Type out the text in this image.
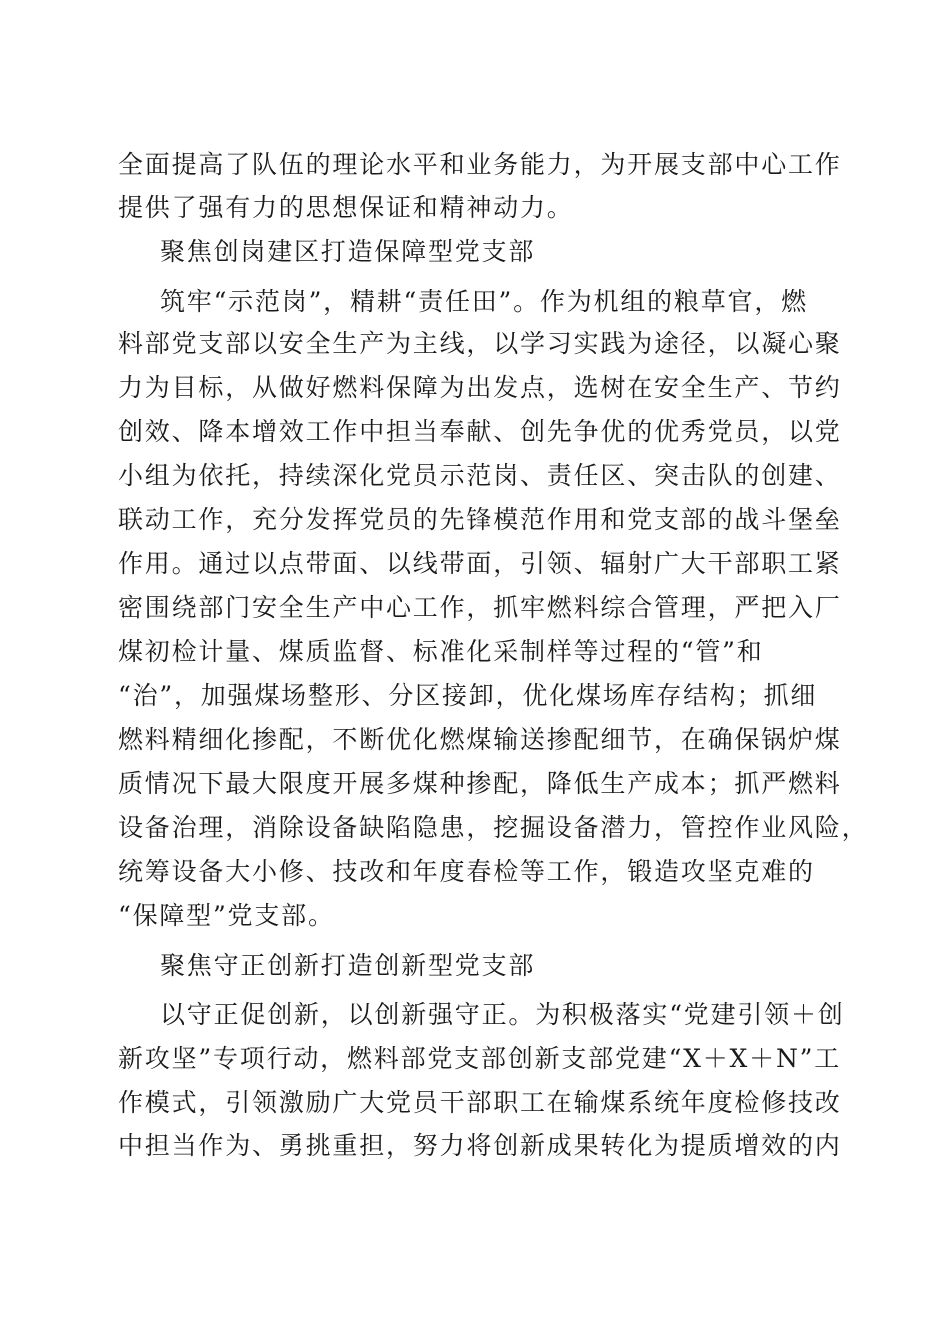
全面提高了队伍的理论水平和业务能力，为开展支部中心工作
提供了强有力的思想保证和精神动力。
聚焦创岗建区打造保障型党支部
筑牢“示范岗”，精耕“责任田”。作为机组的粮草官，燃
料部党支部以安全生产为主线，以学习实践为途径，以凝心聚
力为目标，从做好燃料保障为出发点，选树在安全生产、节约
创效、降本增效工作中担当奉献、创先争优的优秀党员，以党
小组为依托，持续深化党员示范岗、责任区、突击队的创建、
联动工作，充分发挥党员的先锋模范作用和党支部的战斗堡垒
作用。通过以点带面、以线带面，引领、辐射广大干部职工紧
密围绕部门安全生产中心工作，抓牢燃料综合管理，严把入厂
煤初检计量、煤质监督、标准化采制样等过程的“管”和
“治”，加强煤场整形、分区接卸，优化煤场库存结构；抓细
燃料精细化掺配，不断优化燃煤输送掺配细节，在确保锅炉煤
质情况下最大限度开展多煤种掺配，降低生产成本；抓严燃料
设备治理，消除设备缺陷隐患，挖掘设备潜力，管控作业风险，
统筹设备大小修、技改和年度春检等工作，锻造攻坚克难的
“保障型”党支部。
聚焦守正创新打造创新型党支部
以守正促创新，以创新强守正。为积极落实“党建引领＋创
新攻坚”专项行动，燃料部党支部创新支部党建“X＋X＋N”工
作模式，引领激励广大党员干部职工在输煤系统年度检修技改
中担当作为、勇挑重担，努力将创新成果转化为提质增效的内
